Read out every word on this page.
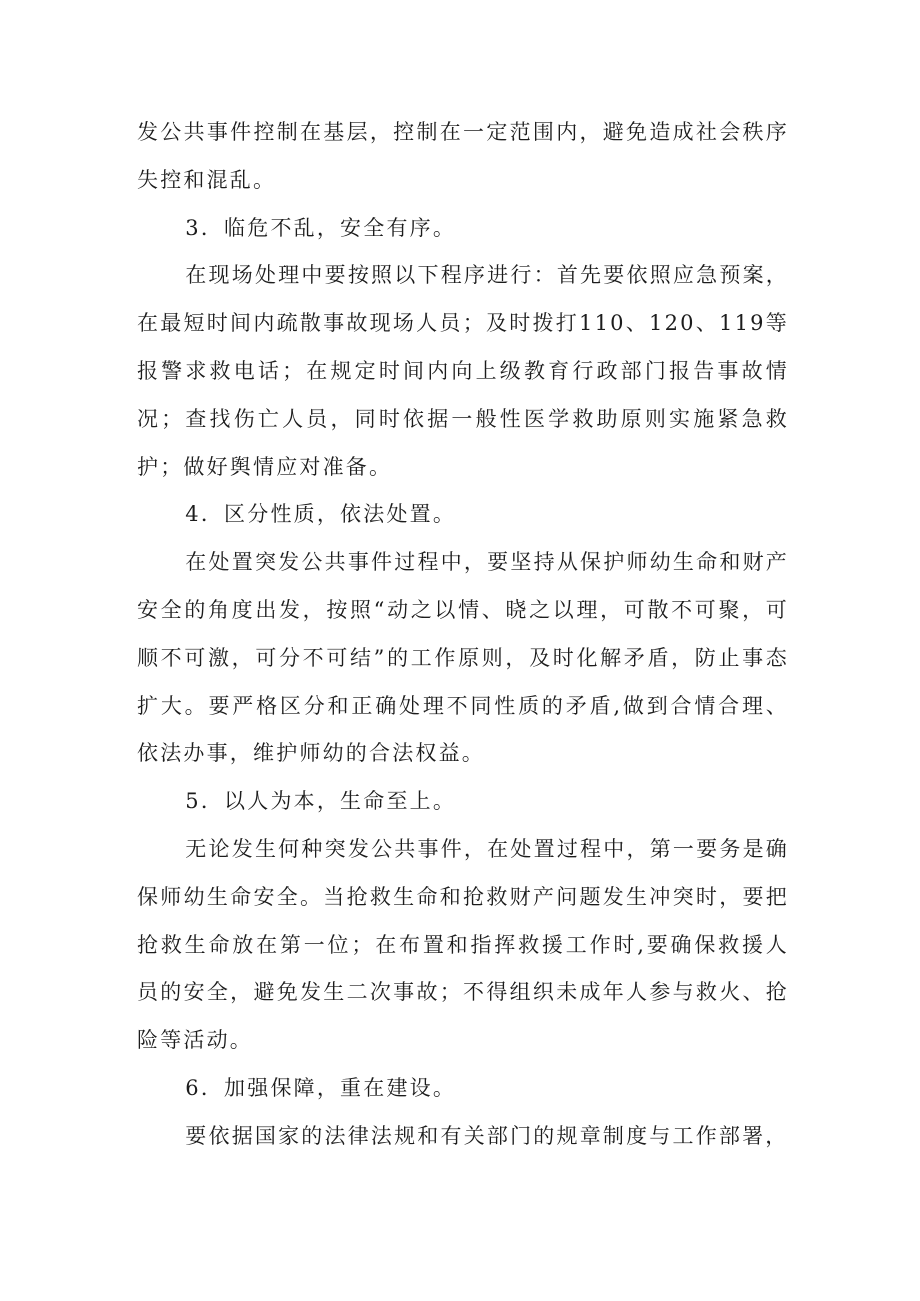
发公共事件控制在基层，控制在一定范围内，避免造成社会秩序失控和混乱。

3．临危不乱，安全有序。

在现场处理中要按照以下程序进行：首先要依照应急预案，在最短时间内疏散事故现场人员；及时拨打110、120、119等报警求救电话；在规定时间内向上级教育行政部门报告事故情况；查找伤亡人员，同时依据一般性医学救助原则实施紧急救护；做好舆情应对准备。

4．区分性质，依法处置。

在处置突发公共事件过程中，要坚持从保护师幼生命和财产安全的角度出发，按照“动之以情、晓之以理，可散不可聚，可顺不可激，可分不可结”的工作原则，及时化解矛盾，防止事态扩大。要严格区分和正确处理不同性质的矛盾,做到合情合理、依法办事，维护师幼的合法权益。

5．以人为本，生命至上。

无论发生何种突发公共事件，在处置过程中，第一要务是确保师幼生命安全。当抢救生命和抢救财产问题发生冲突时，要把抢救生命放在第一位；在布置和指挥救援工作时,要确保救援人员的安全，避免发生二次事故；不得组织未成年人参与救火、抢险等活动。

6．加强保障，重在建设。

要依据国家的法律法规和有关部门的规章制度与工作部署，
